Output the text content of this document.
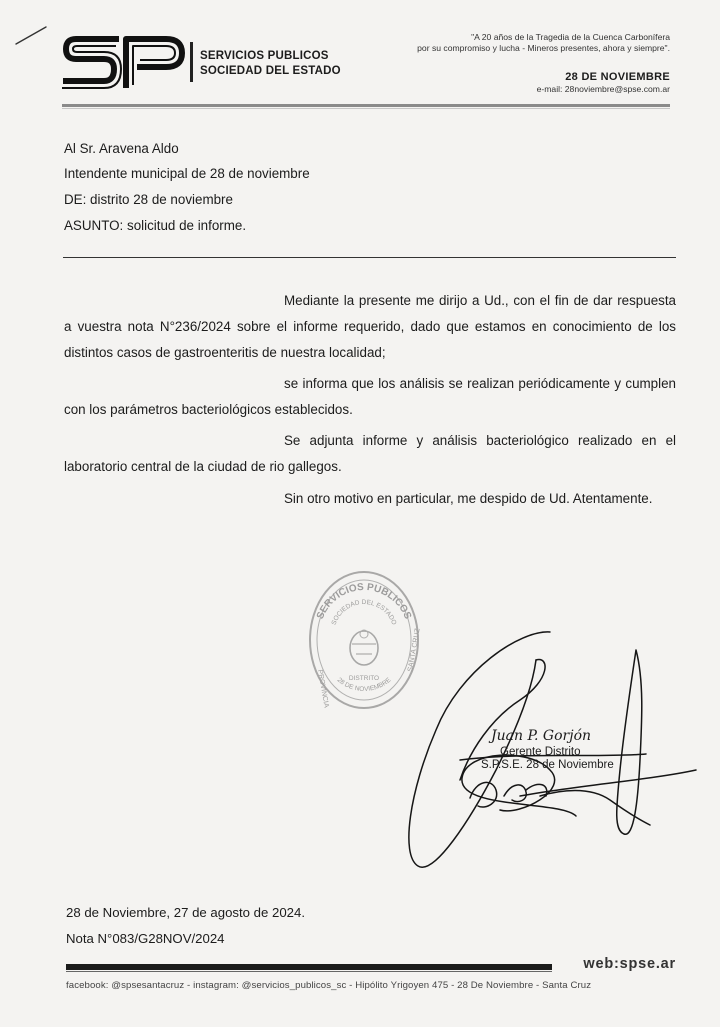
SERVICIOS PUBLICOS
SOCIEDAD DEL ESTADO
"A 20 años de la Tragedia de la Cuenca Carbonífera
por su compromiso y lucha - Mineros presentes, ahora y siempre".
28 DE NOVIEMBRE
e-mail: 28noviembre@spse.com.ar
Al Sr. Aravena Aldo
Intendente municipal de 28 de noviembre
DE: distrito 28 de noviembre
ASUNTO: solicitud de informe.
Mediante la presente me dirijo a Ud., con el fin de dar respuesta
a vuestra nota N°236/2024 sobre el informe requerido, dado que estamos en conocimiento de los
distintos casos de gastroenteritis de nuestra localidad;
se informa que los análisis se realizan periódicamente y cumplen
con los parámetros bacteriológicos establecidos.
Se adjunta informe y análisis bacteriológico realizado en el
laboratorio central de la ciudad de rio gallegos.
Sin otro motivo en particular, me despido de Ud. Atentamente.
SERVICIOS PUBLICOS
SOCIEDAD DEL ESTADO
DISTRITO
28 DE NOVIEMBRE
PROVINCIA
SANTA CRUZ
Juan P. Gorjón
Gerente Distrito
S.P.S.E. 28 de Noviembre
28 de Noviembre, 27 de agosto de 2024.
Nota N°083/G28NOV/2024
web:spse.ar
facebook: @spsesantacruz - instagram: @servicios_publicos_sc - Hipólito Yrigoyen 475 - 28 De Noviembre - Santa Cruz
